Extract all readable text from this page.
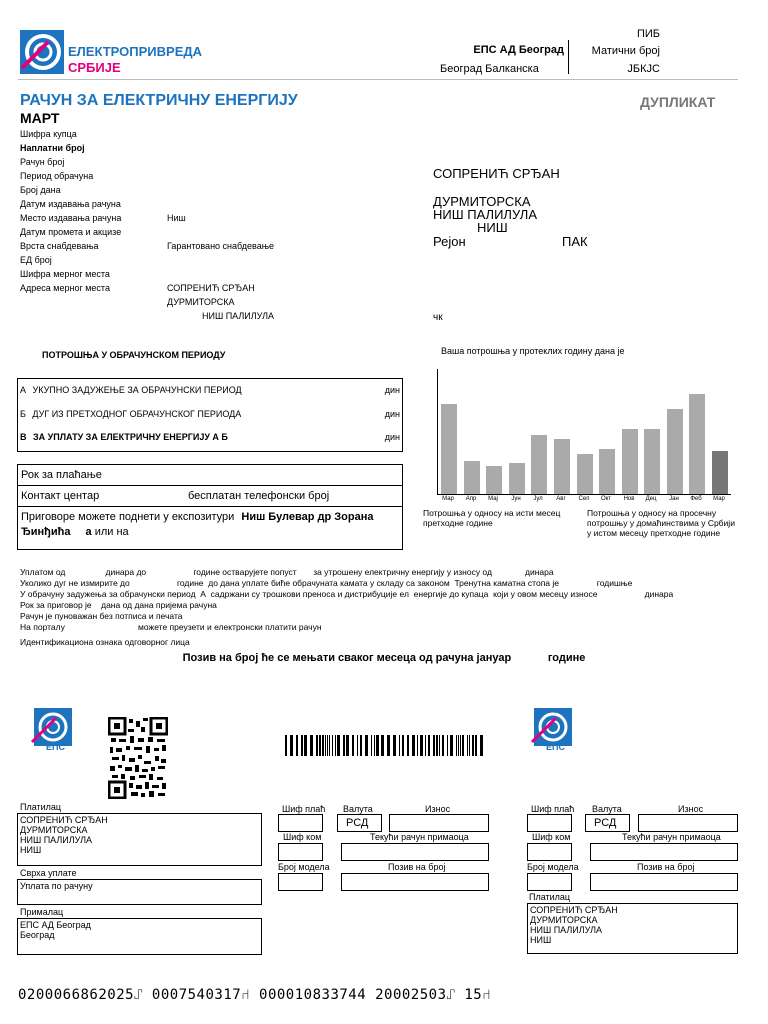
ЕЛЕКТРОПРИВРЕДА
СРБИЈЕ
ЕПС АД Београд
Београд Балканска
ПИБ
Матични број
ЈБКЈС
РАЧУН ЗА ЕЛЕКТРИЧНУ ЕНЕРГИЈУ	ДУПЛИКАТ
МАРТ
Шифра купца
Наплатни број
Рачун број
Период обрачуна
Број дана
Датум издавања рачуна
Место издавања рачуна	Ниш
Датум промета и акцизе
Врста снабдевања	Гарантовано снабдевање
ЕД број
Шифра мерног места
Адреса мерног места	СОПРЕНИЋ СРЂАН
ДУРМИТОРСКА
НИШ ПАЛИЛУЛА
СОПРЕНИЋ СРЂАН
ДУРМИТОРСКА
НИШ ПАЛИЛУЛА
НИШ
Рејон	ПАК
чк
ПОТРОШЊА У ОБРАЧУНСКОМ ПЕРИОДУ
А УКУПНО ЗАДУЖЕЊЕ ЗА ОБРАЧУНСКИ ПЕРИОД	дин
Б ДУГ ИЗ ПРЕТХОДНОГ ОБРАЧУНСКОГ ПЕРИОДА	дин
В ЗА УПЛАТУ ЗА ЕЛЕКТРИЧНУ ЕНЕРГИЈУ А Б	дин
Рок за плаћање
Контакт центар	бесплатан телефонски број
Приговоре можете поднети у експозитури Ниш Булевар др Зорана
Ђинђића а или на
Ваша потрошња у протеклих годину дана је
Мар	Апр	Мај	Јун	Јул	Авг	Сеп	Окт	Нов	Дец	Јан	Феб	Мар
Потрошња у односу на исти месец претходне године
Потрошња у односу на просечну потрошњу у домаћинствима у Србији у истом месецу претходне године
Уплатом од                 динара до                    године остварујете попуст       за утрошену електричну енергију у износу од              динара
Уколико дуг не измирите до                    године  до дана уплате биће обрачуната камата у складу са законом  Тренутна каматна стопа је                годишње
У обрачуну задужења за обрачунски период  А  садржани су трошкови преноса и дистрибуције ел  енергије до купаца  који у овом месецу износе                    динара
Рок за приговор је    дана од дана пријема рачуна
Рачун је пуноважан без потписа и печата
На порталу                               можете преузети и електронски платити рачун
Идентификациона ознака одговорног лица
Позив на број ће се мењати сваког месеца од рачуна јануар            године
ЕПС	ЕПС
Платилац
СОПРЕНИЋ СРЂАН
ДУРМИТОРСКА
НИШ ПАЛИЛУЛА
НИШ
Сврха уплате
Уплата по рачуну
Прималац
ЕПС АД Београд
Београд
Шиф плаћ Валута	Износ
РСД
Шиф ком	Текући рачун примаоца
Број модела	Позив на број
Шиф плаћ Валута	Износ
РСД
Шиф ком	Текући рачун примаоца
Број модела	Позив на број
Платилац
СОПРЕНИЋ СРЂАН
ДУРМИТОРСКА
НИШ ПАЛИЛУЛА
НИШ
0200066862025⑀ 0007540317⑁ 000010833744 20002503⑀ 15⑁
